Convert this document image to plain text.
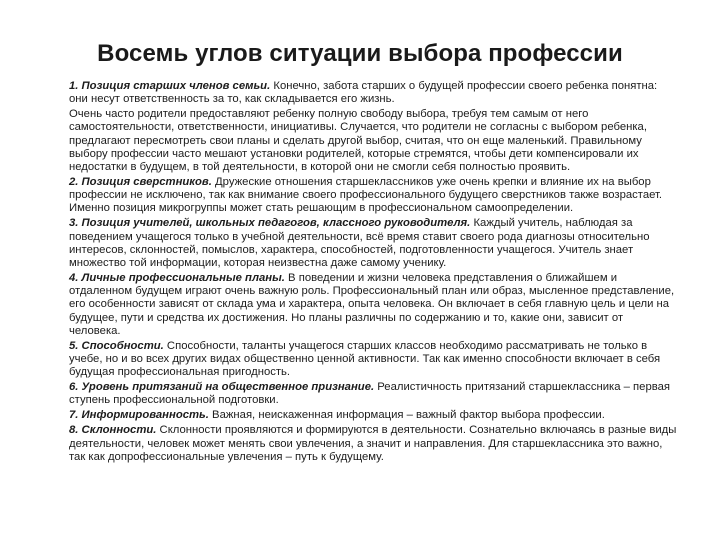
Восемь углов ситуации выбора профессии

1. Позиция старших членов семьи. Конечно, забота старших о будущей профессии своего ребенка понятна: они несут ответственность за то, как складывается его жизнь.

Очень часто родители предоставляют ребенку полную свободу выбора, требуя тем самым от него самостоятельности, ответственности, инициативы. Случается, что родители не согласны с выбором ребенка, предлагают пересмотреть свои планы и сделать другой выбор, считая, что он еще маленький. Правильному выбору профессии часто мешают установки родителей, которые стремятся, чтобы дети компенсировали их недостатки в будущем, в той деятельности, в которой они не смогли себя полностью проявить.

2. Позиция сверстников. Дружеские отношения старшеклассников уже очень крепки и влияние их на выбор профессии не исключено, так как внимание своего профессионального будущего сверстников также возрастает. Именно позиция микрогруппы может стать решающим в профессиональном самоопределении.

3. Позиция учителей, школьных педагогов, классного руководителя. Каждый учитель, наблюдая за поведением учащегося только в учебной деятельности, всё время ставит своего рода диагнозы относительно интересов, склонностей, помыслов, характера, способностей, подготовленности учащегося. Учитель знает множество той информации, которая неизвестна даже самому ученику.

4. Личные профессиональные планы. В поведении и жизни человека представления о ближайшем и отдаленном будущем играют очень важную роль. Профессиональный план или образ, мысленное представление, его особенности зависят от склада ума и характера, опыта человека. Он включает в себя главную цель и цели на будущее, пути и средства их достижения. Но планы различны по содержанию и то, какие они, зависит от человека.

5. Способности. Способности, таланты учащегося старших классов необходимо рассматривать не только в учебе, но и во всех других видах общественно ценной активности. Так как именно способности включает в себя будущая профессиональная пригодность.

6. Уровень притязаний на общественное признание. Реалистичность притязаний старшеклассника – первая ступень профессиональной подготовки.

7. Информированность. Важная, неискаженная информация – важный фактор выбора профессии.

8. Склонности. Склонности проявляются и формируются в деятельности. Сознательно включаясь в разные виды деятельности, человек может менять свои увлечения, а значит и направления. Для старшеклассника это важно, так как допрофессиональные увлечения – путь к будущему.
